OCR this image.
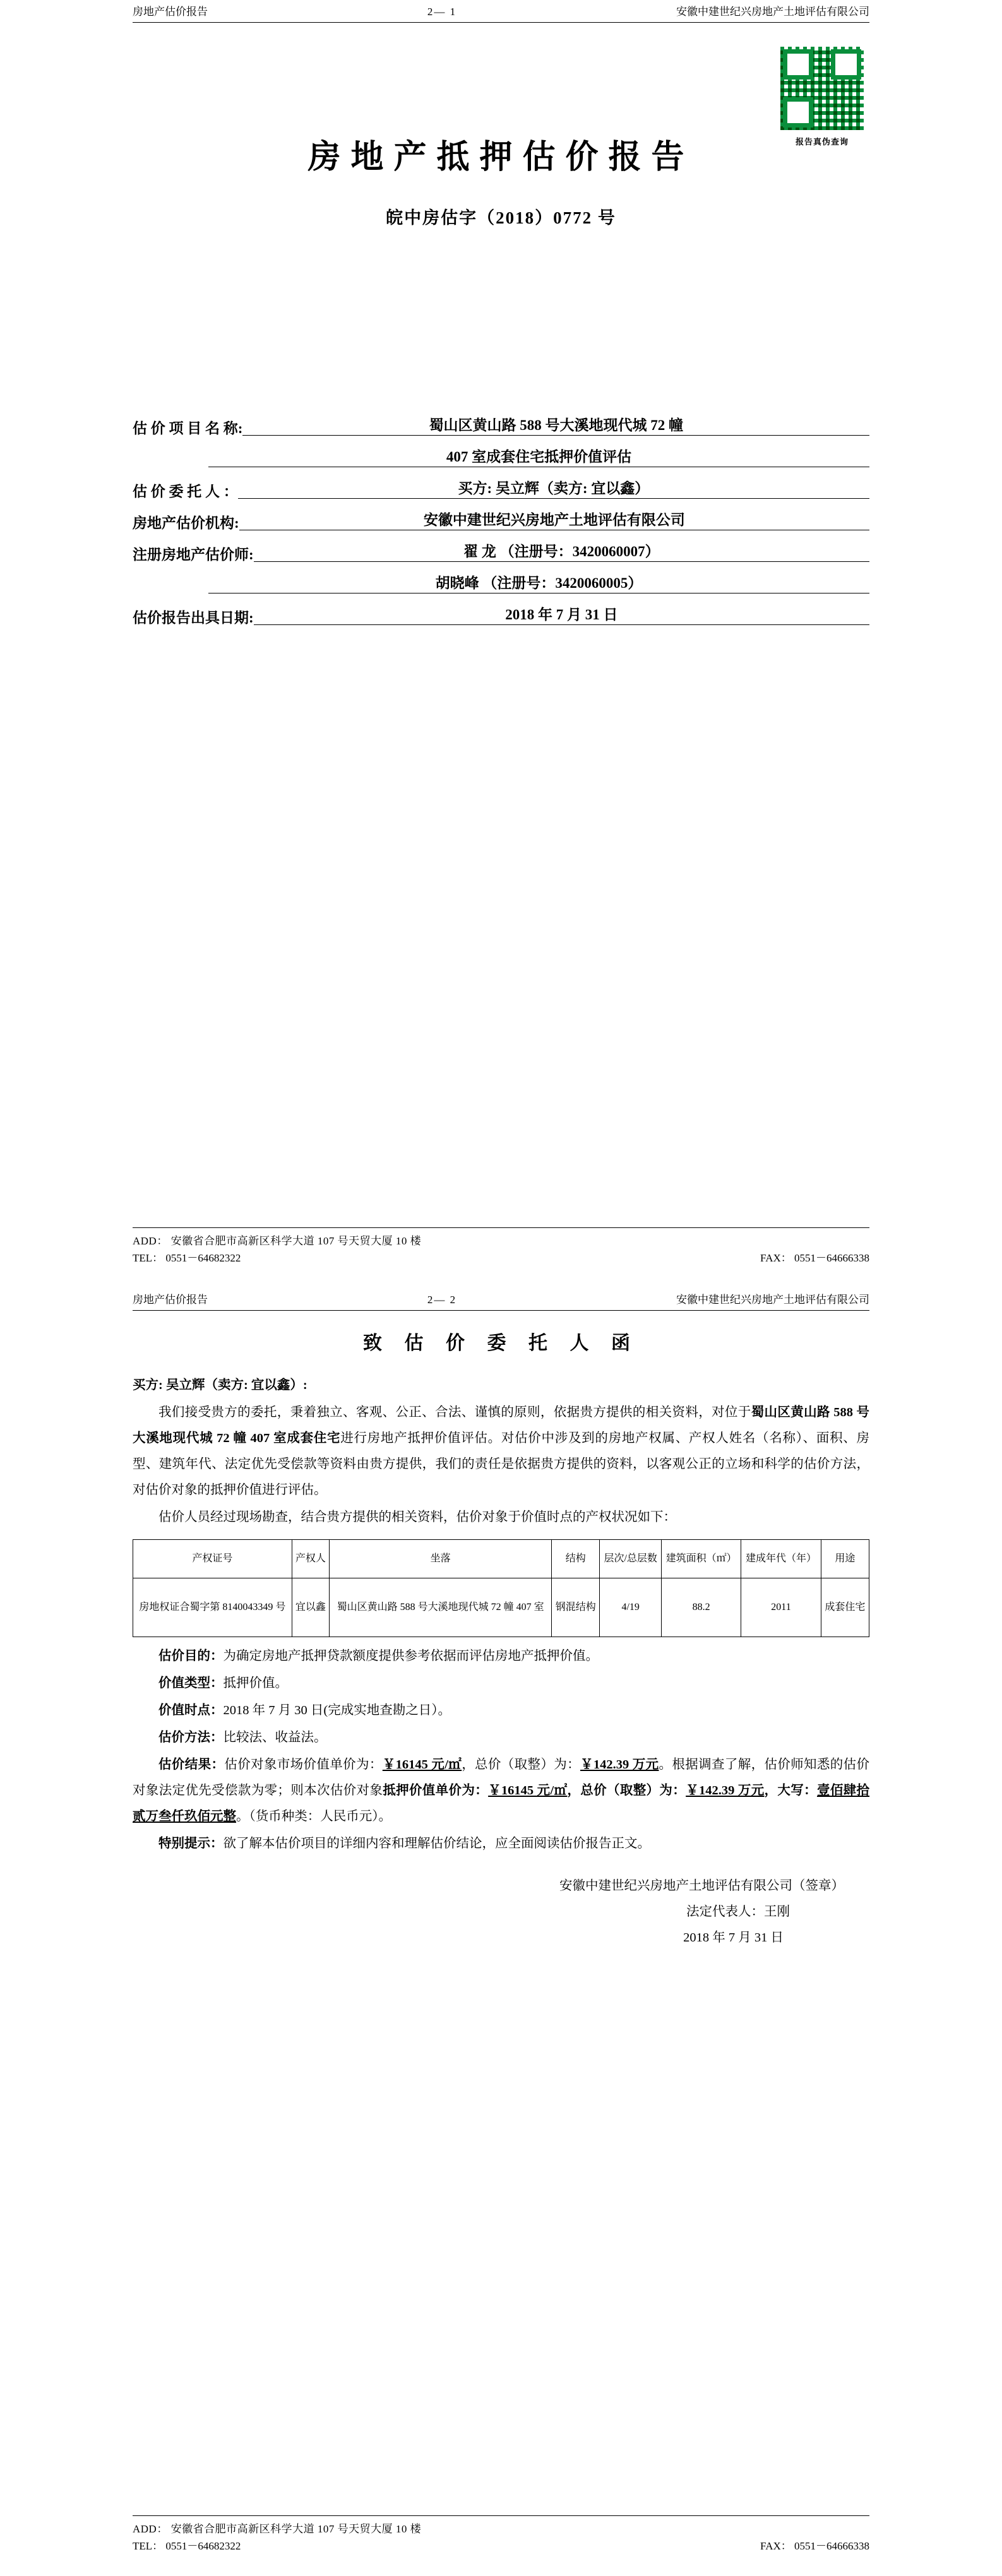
房地产估价报告	2— 1	安徽中建世纪兴房地产土地评估有限公司
报告真伪查询
房地产抵押估价报告
皖中房估字（2018）0772 号
估 价 项 目 名 称:	蜀山区黄山路 588 号大溪地现代城 72 幢
407 室成套住宅抵押价值评估
估 价 委 托 人 ：	买方: 吴立辉（卖方: 宜以鑫）
房地产估价机构:	安徽中建世纪兴房地产土地评估有限公司
注册房地产估价师:	翟 龙 （注册号：3420060007）
胡晓峰 （注册号：3420060005）
估价报告出具日期:	2018 年 7 月 31 日
ADD： 安徽省合肥市高新区科学大道 107 号天贸大厦 10 楼
TEL： 0551－64682322	FAX： 0551－64666338
房地产估价报告	2— 2	安徽中建世纪兴房地产土地评估有限公司
致 估 价 委 托 人 函
买方: 吴立辉（卖方: 宜以鑫）:
我们接受贵方的委托，秉着独立、客观、公正、合法、谨慎的原则，依据贵方提供的相关资料，对位于蜀山区黄山路 588 号大溪地现代城 72 幢 407 室成套住宅进行房地产抵押价值评估。对估价中涉及到的房地产权属、产权人姓名（名称）、面积、房型、建筑年代、法定优先受偿款等资料由贵方提供，我们的责任是依据贵方提供的资料，以客观公正的立场和科学的估价方法，对估价对象的抵押价值进行评估。
估价人员经过现场勘查，结合贵方提供的相关资料，估价对象于价值时点的产权状况如下：
产权证号	产权人	坐落	结构	层次/总层数	建筑面积（㎡）	建成年代（年）	用途
房地权证合蜀字第 8140043349 号	宜以鑫	蜀山区黄山路 588 号大溪地现代城 72 幢 407 室	钢混结构	4/19	88.2	2011	成套住宅
估价目的：为确定房地产抵押贷款额度提供参考依据而评估房地产抵押价值。
价值类型：抵押价值。
价值时点：2018 年 7 月 30 日(完成实地查勘之日）。
估价方法：比较法、收益法。
估价结果：估价对象市场价值单价为：￥16145 元/㎡，总价（取整）为：￥142.39 万元。根据调查了解，估价师知悉的估价对象法定优先受偿款为零；则本次估价对象抵押价值单价为：￥16145 元/㎡，总价（取整）为：￥142.39 万元，大写：壹佰肆拾贰万叁仟玖佰元整。（货币种类：人民币元）。
特别提示：欲了解本估价项目的详细内容和理解估价结论，应全面阅读估价报告正文。
安徽中建世纪兴房地产土地评估有限公司（签章）
法定代表人：王刚
2018 年 7 月 31 日
ADD： 安徽省合肥市高新区科学大道 107 号天贸大厦 10 楼
TEL： 0551－64682322	FAX： 0551－64666338
